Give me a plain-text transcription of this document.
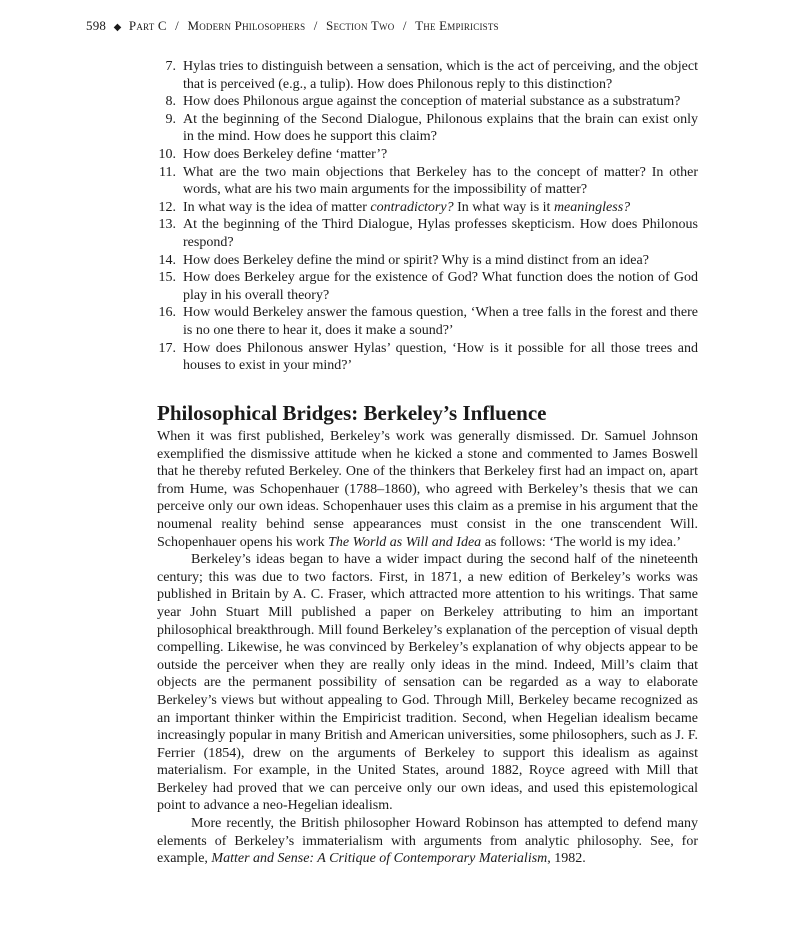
598 ◆ Part C / Modern Philosophers / Section Two / The Empiricists
7. Hylas tries to distinguish between a sensation, which is the act of perceiving, and the object that is perceived (e.g., a tulip). How does Philonous reply to this distinction?
8. How does Philonous argue against the conception of material substance as a substratum?
9. At the beginning of the Second Dialogue, Philonous explains that the brain can exist only in the mind. How does he support this claim?
10. How does Berkeley define ‘matter’?
11. What are the two main objections that Berkeley has to the concept of matter? In other words, what are his two main arguments for the impossibility of matter?
12. In what way is the idea of matter contradictory? In what way is it meaningless?
13. At the beginning of the Third Dialogue, Hylas professes skepticism. How does Philonous respond?
14. How does Berkeley define the mind or spirit? Why is a mind distinct from an idea?
15. How does Berkeley argue for the existence of God? What function does the notion of God play in his overall theory?
16. How would Berkeley answer the famous question, ‘When a tree falls in the forest and there is no one there to hear it, does it make a sound?’
17. How does Philonous answer Hylas’ question, ‘How is it possible for all those trees and houses to exist in your mind?’
Philosophical Bridges: Berkeley’s Influence

When it was first published, Berkeley’s work was generally dismissed. Dr. Samuel Johnson exemplified the dismissive attitude when he kicked a stone and commented to James Boswell that he thereby refuted Berkeley. One of the thinkers that Berkeley first had an impact on, apart from Hume, was Schopenhauer (1788–1860), who agreed with Berkeley’s thesis that we can perceive only our own ideas. Schopenhauer uses this claim as a premise in his argument that the noumenal reality behind sense appearances must consist in the one transcendent Will. Schopenhauer opens his work The World as Will and Idea as follows: ‘The world is my idea.’

Berkeley’s ideas began to have a wider impact during the second half of the nineteenth century; this was due to two factors. First, in 1871, a new edition of Berkeley’s works was published in Britain by A. C. Fraser, which attracted more attention to his writings. That same year John Stuart Mill published a paper on Berkeley attributing to him an important philosophical breakthrough. Mill found Berkeley’s explanation of the perception of visual depth compelling. Likewise, he was convinced by Berkeley’s explanation of why objects appear to be outside the perceiver when they are really only ideas in the mind. Indeed, Mill’s claim that objects are the permanent possibility of sensation can be regarded as a way to elaborate Berkeley’s views but without appealing to God. Through Mill, Berkeley became recognized as an important thinker within the Empiricist tradition. Second, when Hegelian idealism became increasingly popular in many British and American universities, some philosophers, such as J. F. Ferrier (1854), drew on the arguments of Berkeley to support this idealism as against materialism. For example, in the United States, around 1882, Royce agreed with Mill that Berkeley had proved that we can perceive only our own ideas, and used this epistemological point to advance a neo-Hegelian idealism.

More recently, the British philosopher Howard Robinson has attempted to defend many elements of Berkeley’s immaterialism with arguments from analytic philosophy. See, for example, Matter and Sense: A Critique of Contemporary Materialism, 1982.
